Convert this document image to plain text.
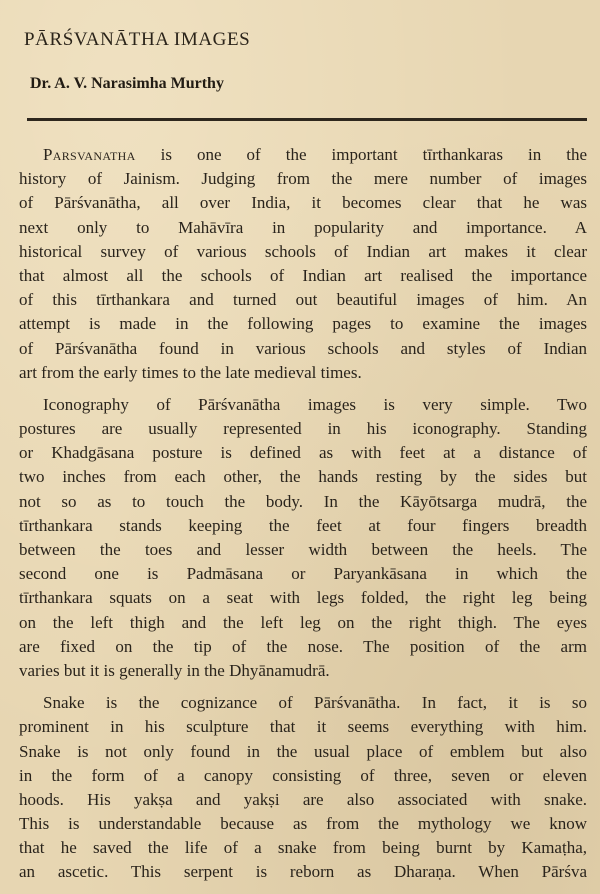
PĀRŚVANĀTHA IMAGES
Dr. A. V. Narasimha Murthy
Parsvanatha is one of the important tīrthankaras in the
history of Jainism. Judging from the mere number of images
of Pārśvanātha, all over India, it becomes clear that he was
next only to Mahāvīra in popularity and importance. A
historical survey of various schools of Indian art makes it clear
that almost all the schools of Indian art realised the importance
of this tīrthankara and turned out beautiful images of him. An
attempt is made in the following pages to examine the images
of Pārśvanātha found in various schools and styles of Indian
art from the early times to the late medieval times.
Iconography of Pārśvanātha images is very simple. Two
postures are usually represented in his iconography. Standing
or Khadgāsana posture is defined as with feet at a distance of
two inches from each other, the hands resting by the sides but
not so as to touch the body. In the Kāyōtsarga mudrā, the
tīrthankara stands keeping the feet at four fingers breadth
between the toes and lesser width between the heels. The
second one is Padmāsana or Paryankāsana in which the
tīrthankara squats on a seat with legs folded, the right leg being
on the left thigh and the left leg on the right thigh. The eyes
are fixed on the tip of the nose. The position of the arm
varies but it is generally in the Dhyānamudrā.
Snake is the cognizance of Pārśvanātha. In fact, it is so
prominent in his sculpture that it seems everything with him.
Snake is not only found in the usual place of emblem but also
in the form of a canopy consisting of three, seven or eleven
hoods. His yakṣa and yakṣi are also associated with snake.
This is understandable because as from the mythology we know
that he saved the life of a snake from being burnt by Kamaṭha,
an ascetic. This serpent is reborn as Dharaṇa. When Pārśva
